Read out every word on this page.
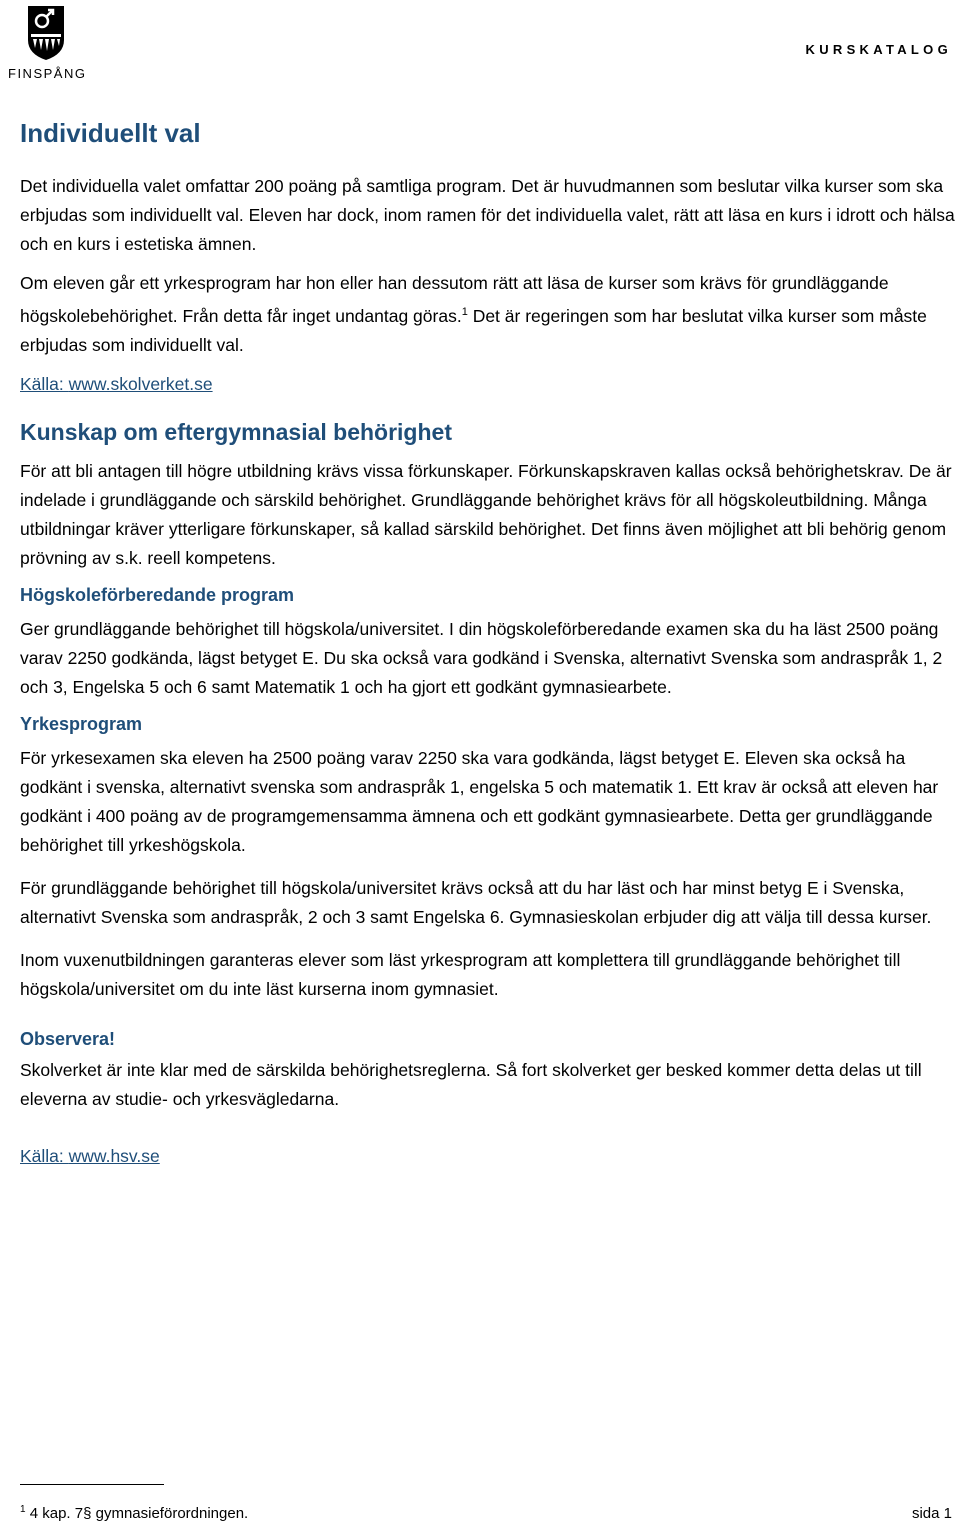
FINSPÅNG
KURSKATALOG
Individuellt val

Det individuella valet omfattar 200 poäng på samtliga program. Det är huvudmannen som beslutar vilka kurser som ska erbjudas som individuellt val. Eleven har dock, inom ramen för det individuella valet, rätt att läsa en kurs i idrott och hälsa och en kurs i estetiska ämnen.

Om eleven går ett yrkesprogram har hon eller han dessutom rätt att läsa de kurser som krävs för grundläggande högskolebehörighet. Från detta får inget undantag göras.$^1$ Det är regeringen som har beslutat vilka kurser som måste erbjudas som individuellt val.

Källa: www.skolverket.se

Kunskap om eftergymnasial behörighet

För att bli antagen till högre utbildning krävs vissa förkunskaper. Förkunskapskraven kallas också behörighetskrav. De är indelade i grundläggande och särskild behörighet. Grundläggande behörighet krävs för all högskoleutbildning. Många utbildningar kräver ytterligare förkunskaper, så kallad särskild behörighet. Det finns även möjlighet att bli behörig genom prövning av s.k. reell kompetens.

Högskoleförberedande program

Ger grundläggande behörighet till högskola/universitet. I din högskoleförberedande examen ska du ha läst 2500 poäng varav 2250 godkända, lägst betyget E. Du ska också vara godkänd i Svenska, alternativt Svenska som andraspråk 1, 2 och 3, Engelska 5 och 6 samt Matematik 1 och ha gjort ett godkänt gymnasiearbete.

Yrkesprogram

För yrkesexamen ska eleven ha 2500 poäng varav 2250 ska vara godkända, lägst betyget E. Eleven ska också ha godkänt i svenska, alternativt svenska som andraspråk 1, engelska 5 och matematik 1. Ett krav är också att eleven har godkänt i 400 poäng av de programgemensamma ämnena och ett godkänt gymnasiearbete. Detta ger grundläggande behörighet till yrkeshögskola.

För grundläggande behörighet till högskola/universitet krävs också att du har läst och har minst betyg E i Svenska, alternativt Svenska som andraspråk, 2 och 3 samt Engelska 6. Gymnasieskolan erbjuder dig att välja till dessa kurser.

Inom vuxenutbildningen garanteras elever som läst yrkesprogram att komplettera till grundläggande behörighet till högskola/universitet om du inte läst kurserna inom gymnasiet.

Observera!

Skolverket är inte klar med de särskilda behörighetsreglerna. Så fort skolverket ger besked kommer detta delas ut till eleverna av studie- och yrkesvägledarna.

Källa: www.hsv.se

$^1$ 4 kap. 7§ gymnasieförordningen.	sida 1
